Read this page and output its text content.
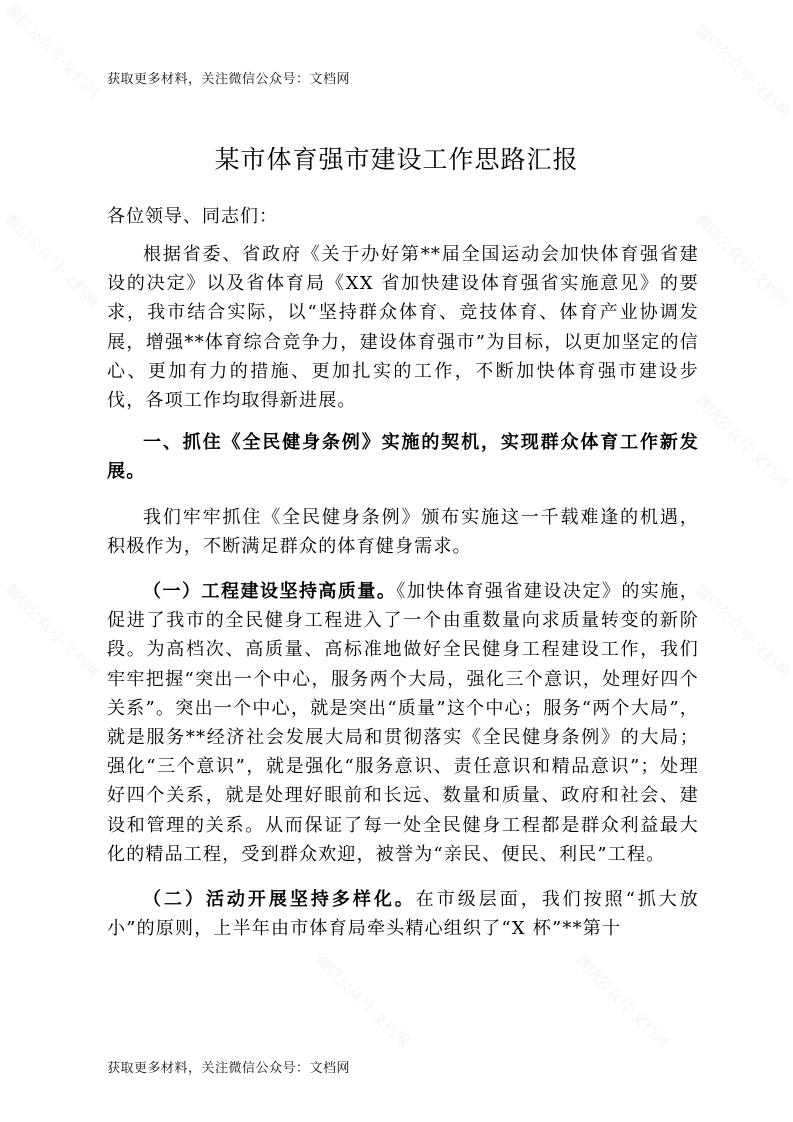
微信公众号·文档网	微信公众号·文档网
微信公众号·文档网	微信公众号·文档网
微信公众号·文档网
微信公众号·文档网	微信公众号·文档网
微信公众号·文档网	微信公众号·文档网
获取更多材料，关注微信公众号：文档网
某市体育强市建设工作思路汇报
各位领导、同志们：

根据省委、省政府《关于办好第**届全国运动会加快体育强省建设的决定》以及省体育局《XX 省加快建设体育强省实施意见》的要求，我市结合实际，以“坚持群众体育、竞技体育、体育产业协调发展，增强**体育综合竞争力，建设体育强市”为目标，以更加坚定的信心、更加有力的措施、更加扎实的工作，不断加快体育强市建设步伐，各项工作均取得新进展。

一、抓住《全民健身条例》实施的契机，实现群众体育工作新发展。

我们牢牢抓住《全民健身条例》颁布实施这一千载难逢的机遇，积极作为，不断满足群众的体育健身需求。

（一）工程建设坚持高质量。《加快体育强省建设决定》的实施，促进了我市的全民健身工程进入了一个由重数量向求质量转变的新阶段。为高档次、高质量、高标准地做好全民健身工程建设工作，我们牢牢把握“突出一个中心，服务两个大局，强化三个意识，处理好四个关系”。突出一个中心，就是突出“质量”这个中心；服务“两个大局”，就是服务**经济社会发展大局和贯彻落实《全民健身条例》的大局；强化“三个意识”，就是强化“服务意识、责任意识和精品意识”；处理好四个关系，就是处理好眼前和长远、数量和质量、政府和社会、建设和管理的关系。从而保证了每一处全民健身工程都是群众利益最大化的精品工程，受到群众欢迎，被誉为“亲民、便民、利民”工程。

（二）活动开展坚持多样化。在市级层面，我们按照“抓大放小”的原则，上半年由市体育局牵头精心组织了“X 杯”**第十

获取更多材料，关注微信公众号：文档网
